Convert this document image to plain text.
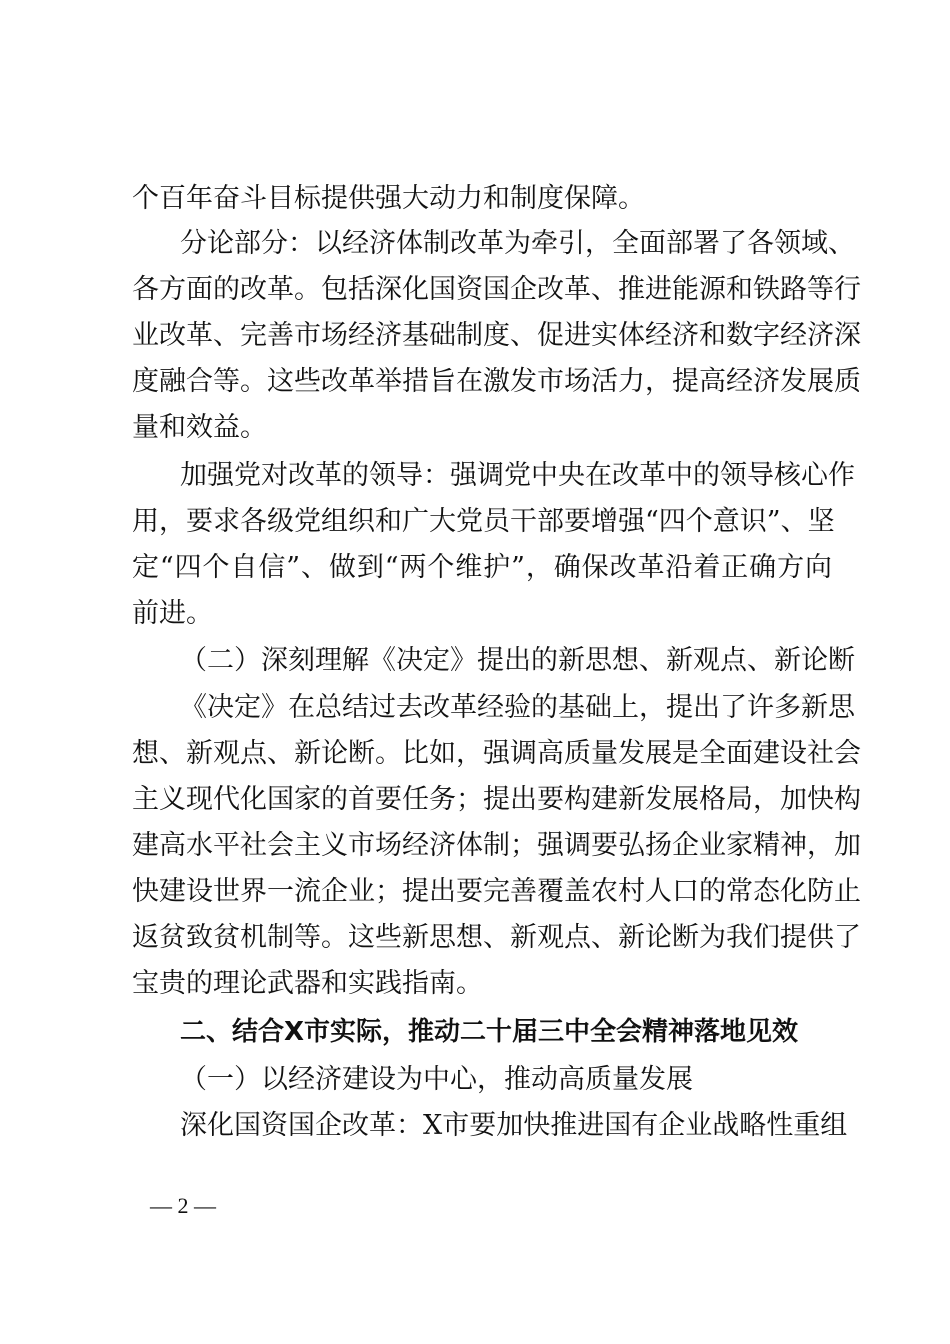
个百年奋斗目标提供强大动力和制度保障。
分论部分：以经济体制改革为牵引，全面部署了各领域、
各方面的改革。包括深化国资国企改革、推进能源和铁路等行
业改革、完善市场经济基础制度、促进实体经济和数字经济深
度融合等。这些改革举措旨在激发市场活力，提高经济发展质
量和效益。
加强党对改革的领导：强调党中央在改革中的领导核心作
用，要求各级党组织和广大党员干部要增强“四个意识”、坚
定“四个自信”、做到“两个维护”，确保改革沿着正确方向
前进。
（二）深刻理解《决定》提出的新思想、新观点、新论断
《决定》在总结过去改革经验的基础上，提出了许多新思
想、新观点、新论断。比如，强调高质量发展是全面建设社会
主义现代化国家的首要任务；提出要构建新发展格局，加快构
建高水平社会主义市场经济体制；强调要弘扬企业家精神，加
快建设世界一流企业；提出要完善覆盖农村人口的常态化防止
返贫致贫机制等。这些新思想、新观点、新论断为我们提供了
宝贵的理论武器和实践指南。
二、结合X市实际，推动二十届三中全会精神落地见效
（一）以经济建设为中心，推动高质量发展
深化国资国企改革：X市要加快推进国有企业战略性重组
— 2 —
